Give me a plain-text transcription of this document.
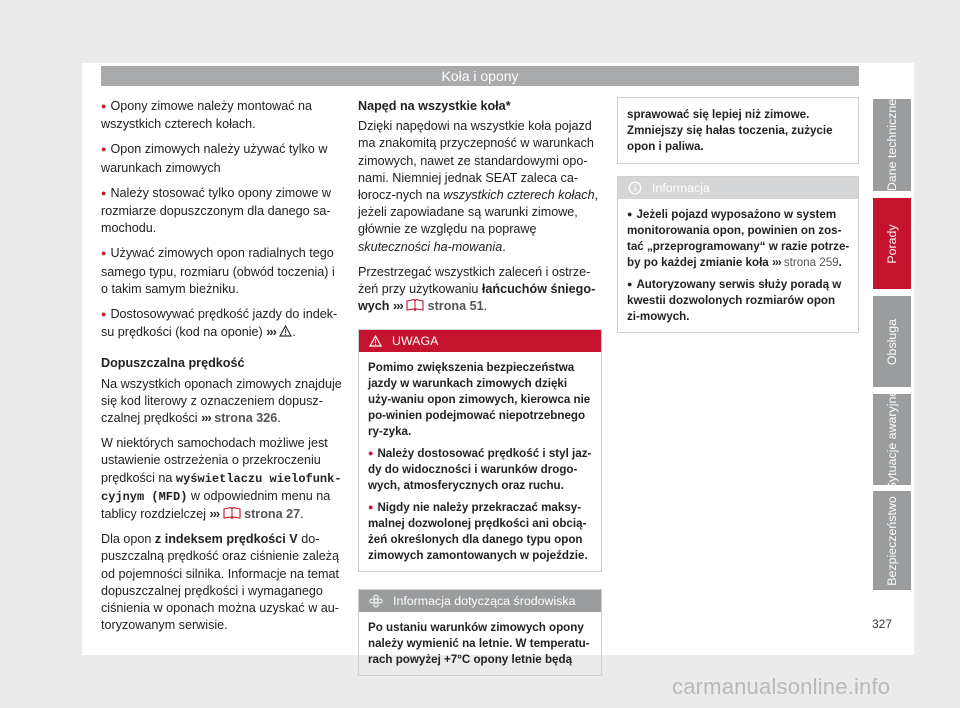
Koła i opony

● Opony zimowe należy montować na wszystkich czterech kołach.

● Opon zimowych należy używać tylko w warunkach zimowych

● Należy stosować tylko opony zimowe w rozmiarze dopuszczonym dla danego sa-mochodu.

● Używać zimowych opon radialnych tego samego typu, rozmiaru (obwód toczenia) i o takim samym bieżniku.

● Dostosowywać prędkość jazdy do indek-su prędkości (kod na oponie) ››› .

Dopuszczalna prędkość

Na wszystkich oponach zimowych znajduje się kod literowy z oznaczeniem dopusz-czalnej prędkości ››› strona 326.

W niektórych samochodach możliwe jest ustawienie ostrzeżenia o przekroczeniu prędkości na wyświetlaczu wielofunk-cyjnym (MFD) w odpowiednim menu na tablicy rozdzielczej ››› strona 27.

Dla opon z indeksem prędkości V do-puszczalną prędkość oraz ciśnienie zależą od pojemności silnika. Informacje na temat dopuszczalnej prędkości i wymaganego ciśnienia w oponach można uzyskać w au-toryzowanym serwisie.

Napęd na wszystkie koła*

Dzięki napędowi na wszystkie koła pojazd ma znakomitą przyczepność w warunkach zimowych, nawet ze standardowymi opo-nami. Niemniej jednak SEAT zaleca ca-łorocz-nych na wszystkich czterech kołach, jeżeli zapowiadane są warunki zimowe, głównie ze względu na poprawę skuteczności ha-mowania.

Przestrzegać wszystkich zaleceń i ostrze-żeń przy użytkowaniu łańcuchów śniego-wych ››› strona 51.

UWAGA

Pomimo zwiększenia bezpieczeństwa jazdy w warunkach zimowych dzięki uży-waniu opon zimowych, kierowca nie po-winien podejmować niepotrzebnego ry-zyka.

● Należy dostosować prędkość i styl jaz-dy do widoczności i warunków drogo-wych, atmosferycznych oraz ruchu.

● Nigdy nie należy przekraczać maksy-malnej dozwolonej prędkości ani obcią-żeń określonych dla danego typu opon zimowych zamontowanych w pojeździe.

Informacja dotycząca środowiska

Po ustaniu warunków zimowych opony należy wymienić na letnie. W temperatu-rach powyżej +7°C opony letnie będą

sprawować się lepiej niż zimowe. Zmniejszy się hałas toczenia, zużycie opon i paliwa.

Informacja

● Jeżeli pojazd wyposażono w system monitorowania opon, powinien on zos-tać „przeprogramowany“ w razie potrze-by po każdej zmianie koła ››› strona 259.

● Autoryzowany serwis służy poradą w kwestii dozwolonych rozmiarów opon zi-mowych.

Dane techniczne
Porady
Obsługa
Sytuacje awaryjne
Bezpieczeństwo
327
carmanualsonline.info
